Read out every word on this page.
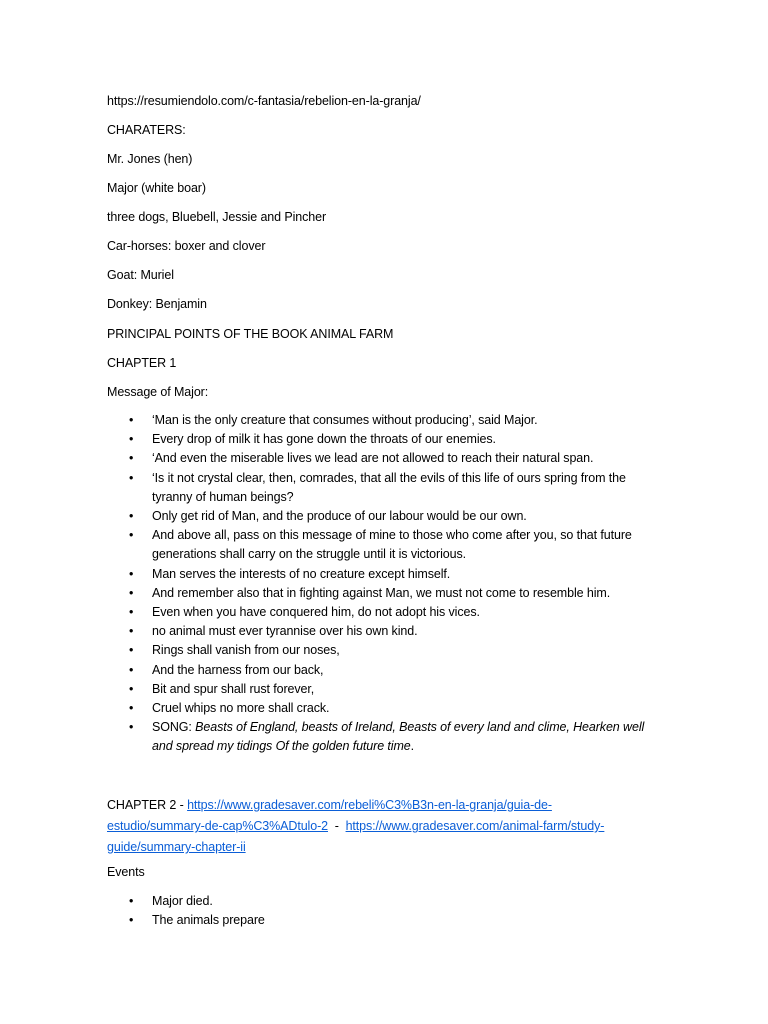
https://resumiendolo.com/c-fantasia/rebelion-en-la-granja/
CHARATERS:
Mr. Jones (hen)
Major (white boar)
three dogs, Bluebell, Jessie and Pincher
Car-horses: boxer and clover
Goat: Muriel
Donkey: Benjamin
PRINCIPAL POINTS OF THE BOOK ANIMAL FARM
CHAPTER 1
Message of Major:
• ‘Man is the only creature that consumes without producing’, said Major.
• Every drop of milk it has gone down the throats of our enemies.
• ‘And even the miserable lives we lead are not allowed to reach their natural span.
• ‘Is it not crystal clear, then, comrades, that all the evils of this life of ours spring from the tyranny of human beings?
• Only get rid of Man, and the produce of our labour would be our own.
• And above all, pass on this message of mine to those who come after you, so that future generations shall carry on the struggle until it is victorious.
• Man serves the interests of no creature except himself.
• And remember also that in fighting against Man, we must not come to resemble him.
• Even when you have conquered him, do not adopt his vices.
• no animal must ever tyrannise over his own kind.
• Rings shall vanish from our noses,
• And the harness from our back,
• Bit and spur shall rust forever,
• Cruel whips no more shall crack.
• SONG: Beasts of England, beasts of Ireland, Beasts of every land and clime, Hearken well and spread my tidings Of the golden future time.
CHAPTER 2 - https://www.gradesaver.com/rebeli%C3%B3n-en-la-granja/guia-de-estudio/summary-de-cap%C3%ADtulo-2  -  https://www.gradesaver.com/animal-farm/study-guide/summary-chapter-ii
Events
• Major died.
• The animals prepare
